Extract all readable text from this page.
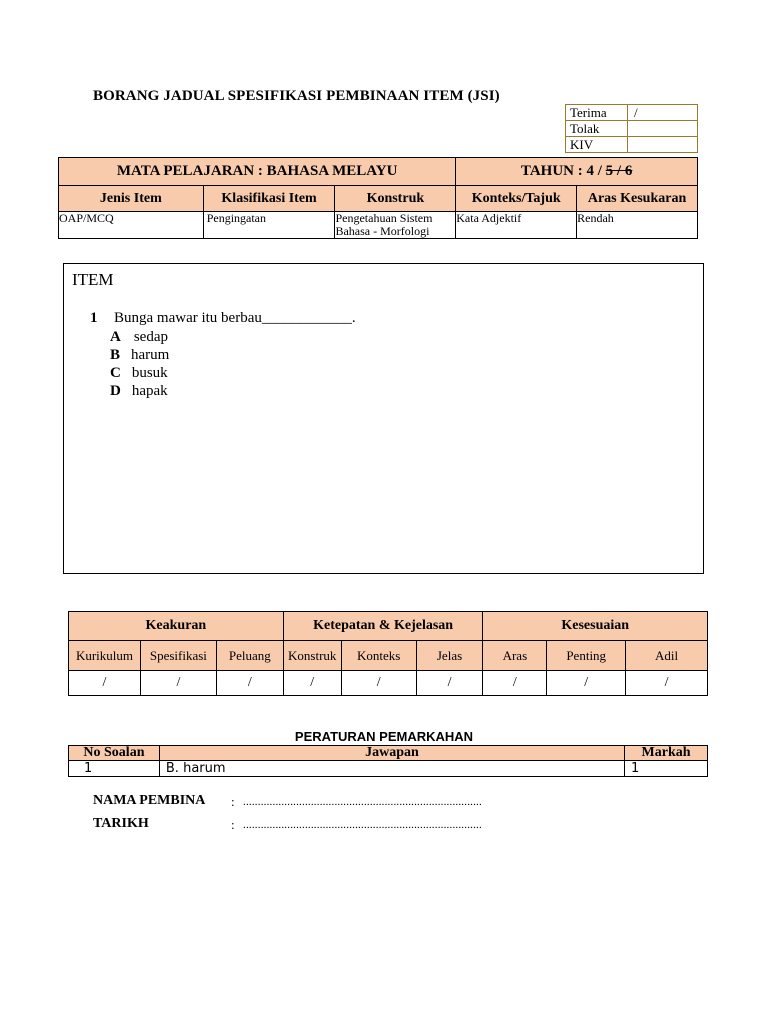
BORANG JADUAL SPESIFIKASI PEMBINAAN ITEM (JSI)
Terima	/
Tolak	
KIV	
MATA PELAJARAN : BAHASA MELAYU			TAHUN : 4 / 5 / 6	
Jenis Item	Klasifikasi Item	Konstruk	Konteks/Tajuk	Aras Kesukaran
OAP/MCQ	Pengingatan	Pengetahuan Sistem Bahasa - Morfologi	Kata Adjektif	Rendah
ITEM
1 Bunga mawar itu berbau____________.
A sedap
B harum
C busuk
D hapak
Keakuran			Ketepatan & Kejelasan			Kesesuaian		
Kurikulum	Spesifikasi	Peluang	Konstruk	Konteks	Jelas	Aras	Penting	Adil
/	/	/	/	/	/	/	/	/
PERATURAN PEMARKAHAN
No Soalan	Jawapan	Markah
1	B. harum	1
NAMA PEMBINA : .................................................................................
TARIKH	: .................................................................................
